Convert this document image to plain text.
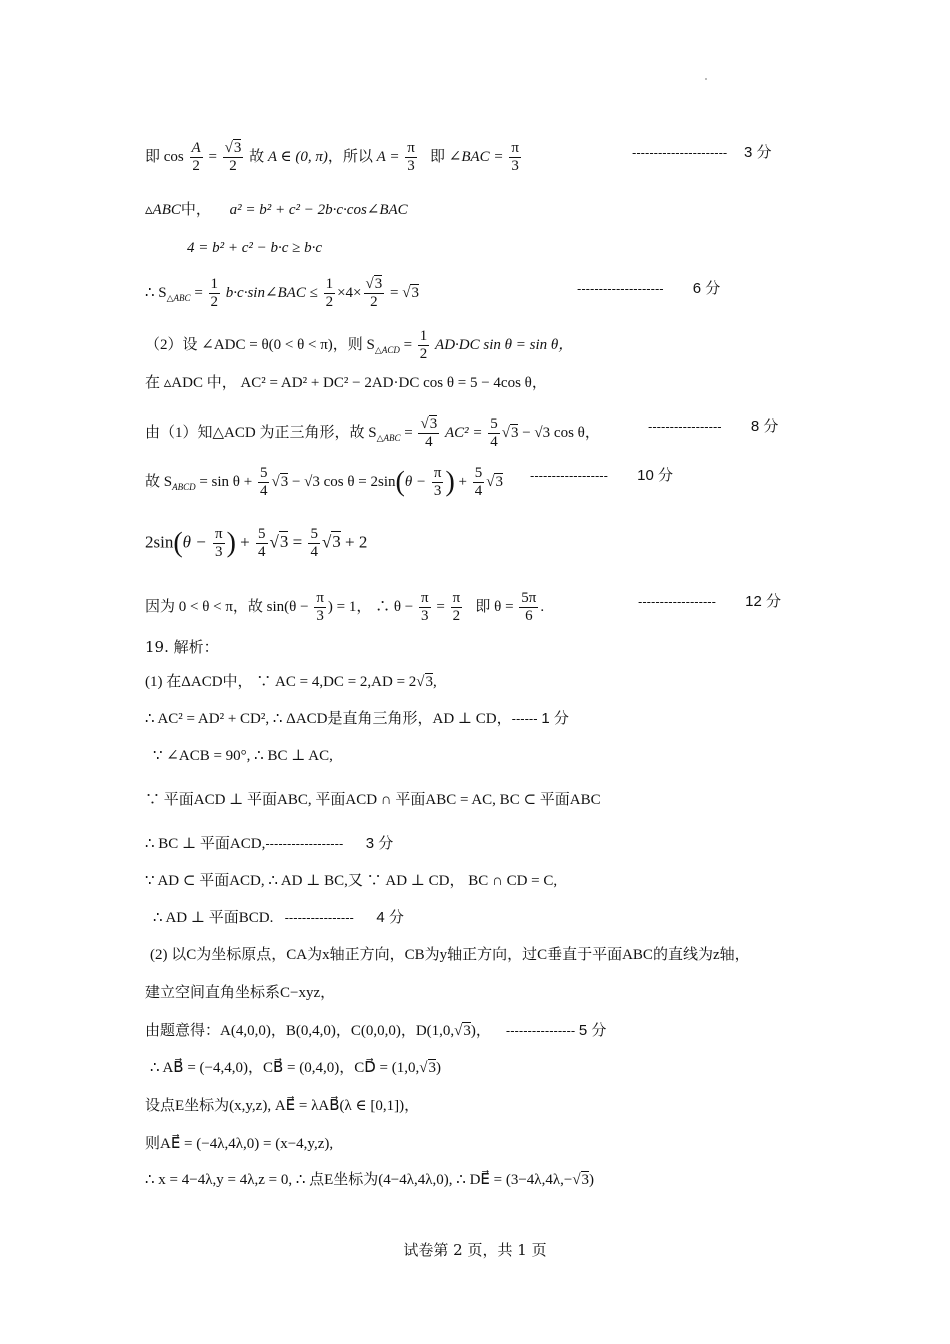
即 $\cos \frac{A}{2} = \frac{√3}{2}$ 故 A ∈ (0, π)，所以 $A = \frac{\pi}{3}$ 即 ∠BAC = $\frac{\pi}{3}$	---------------------- 3 分
▵ABC中， a² = b² + c² − 2b·c·cos∠BAC
4 = b² + c² − b·c ≥ b·c
∴ $S_{\triangle ABC} = \frac{1}{2}$ b·c·sin∠BAC ≤ $\frac{1}{2} \times 4\times \frac{√3}{2} = √3$	-------------------- 6 分
（2）设 ∠ADC = θ(0 < θ < π)，则 $S_{\triangle ACD} = \frac{1}{2} AD\cdot DC$ sin θ = sin θ，
在 ▵ADC 中， AC² = AD² + DC² − 2AD·DC cos θ = 5 − 4cos θ，
由（1）知△ACD 为正三角形，故 $S_{\triangle ABC} = \frac{√3}{4} AC^2 = \frac{5}{4} √3 - √3$ cos θ，	----------------- 8 分
故 $S_{ABCD} = \sin \theta + \frac{5}{4} √3 - √3$ $\cos \theta = 2\sin(\theta - \frac{\pi}{3}$ ) + $\frac{5}{4} √3$ ------------------ 10 分
$2\sin(\theta - \frac{\pi}{3}$ ) + $\frac{5}{4} √3 = \frac{5}{4} √3 + 2$
因为 0 < θ < π，故 $\sin(\theta - \frac{\pi}{3}$ ) = 1， ∴ $\theta - \frac{\pi}{3} = \frac{\pi}{2}$ 即 $\theta = \frac{5\pi}{6}$ .	------------------ 12 分
19. 解析：
(1) 在ΔACD中， ∵ AC = 4,DC = 2,AD = 2√3,
∴ AC² = AD² + CD², ∴ ΔACD是直角三角形，AD ⊥ CD，------ 1 分
∵ ∠ACB = 90°, ∴ BC ⊥ AC,
∵ 平面ACD ⊥ 平面ABC, 平面ACD ∩ 平面ABC = AC, BC ⊂ 平面ABC
∴ BC ⊥ 平面ACD,------------------ 3 分
∵ AD ⊂ 平面ACD, ∴ AD ⊥ BC,又 ∵ AD ⊥ CD， BC ∩ CD = C,
∴ AD ⊥ 平面BCD. ---------------- 4 分
(2) 以C为坐标原点，CA为x轴正方向，CB为y轴正方向，过C垂直于平面ABC的直线为z轴，
建立空间直角坐标系C−xyz，
由题意得：A(4,0,0)，B(0,4,0)，C(0,0,0)，D(1,0,√3)， ---------------- 5 分
∴ AB⃗ = (−4,4,0)，CB⃗ = (0,4,0)，CD⃗ = (1,0,√3)
设点E坐标为(x,y,z), AE⃗ = λAB⃗(λ ∈ [0,1])，
则AE⃗ = (−4λ,4λ,0) = (x−4,y,z),
∴ x = 4−4λ,y = 4λ,z = 0, ∴ 点E坐标为(4−4λ,4λ,0), ∴ DE⃗ = (3−4λ,4λ,−√3)
试卷第 2 页，共 1 页
